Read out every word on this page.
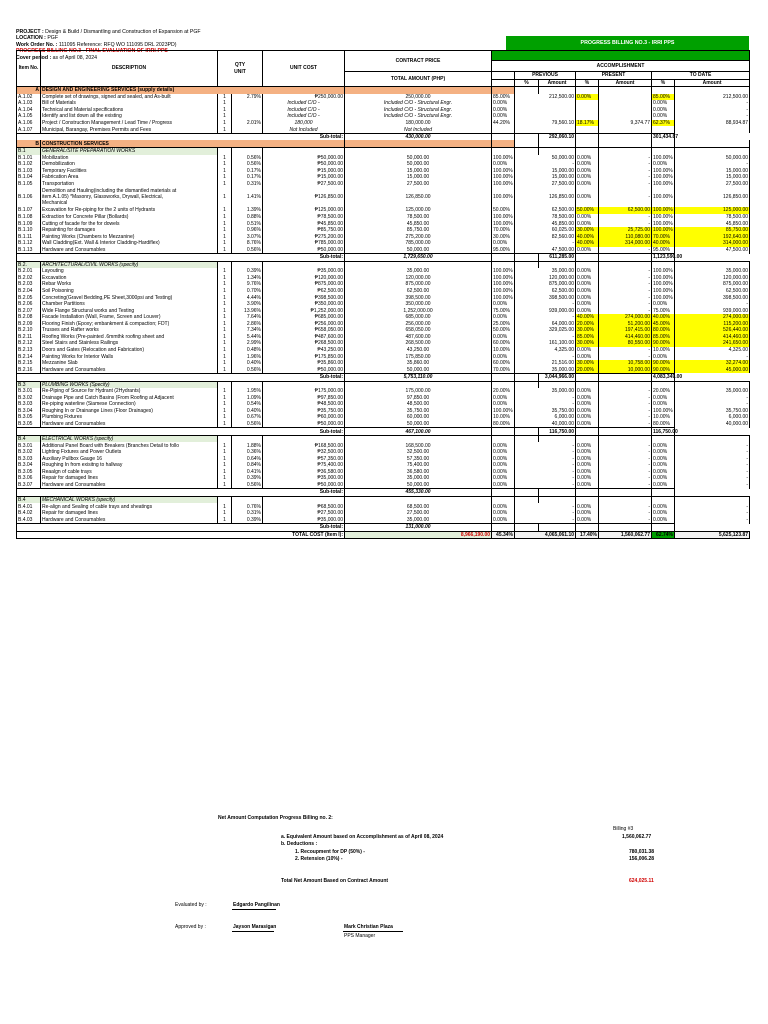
PROJECT : Design & Build / Dismantling and Construction of Expansion at PGF
LOCATION : PGF
Work Order No. : 111095 Reference: RFQ WO 111095 DRL 2023PD)
PROGRESS BILLING NO.3 - FINAL EVALUATION OF IRRI-PPS
Cover period : as of April 08, 2024
PROGRESS BILLING NO.3 - IRRI PPS
Item No.	DESCRIPTION	QTY
UNIT		UNIT COST	CONTRACT PRICE							
						ACCOMPLISHMENT						
					TOTAL AMOUNT (PHP)		PREVIOUS		PRESENT		TO DATE	
							%	Amount	%	Amount	%	Amount
A	DESIGN AND ENGINEERING SERVICES (supply details)											
A.1.02	Complete set of drawings, signed and sealed, and As-built	1	2.79%	₱250,000.00	250,000.00	85.00%	212,500.00		0.00%		85.00%	212,500.00
A.1.03	Bill of Materials	1		Included C/O -	Included C/O - Structural Engr.	0.00%					0.00%	-
A.1.04	Technical and Material specifications	1		Included C/O -	Included C/O - Structural Engr.	0.00%					0.00%	-
A.1.05	Identify and list down all the existing	1		Included C/O -	Included C/O - Structural Engr.	0.00%					0.00%	-
A.1.06	Project / Construction Management / Lead Time / Progress	1	2.01%	180,000	180,000.00	44.20%	79,560.10		18.17%	9,374.77	62.37%	88,934.87
A.1.07	Municipal, Barangay, Premises Permits and Fees	1		Not Included	Not Included							
Sub-total:					430,000.00			292,060.10			301,434.87	
B	CONSTRUCTION SERVICES											
B.1	GENERAL/SITE PREPARATION WORKS											
B.1.01	Mobilization	1	0.56%	₱50,000.00	50,000.00	100.00%	50,000.00		0.00%	-	100.00%	50,000.00
B.1.02	Demobilization	1	0.56%	₱50,000.00	50,000.00	0.00%	-		0.00%	-	0.00%	-
B.1.03	Temporary Facilities	1	0.17%	₱15,000.00	15,000.00	100.00%	15,000.00		0.00%	-	100.00%	15,000.00
B.1.04	Fabrication Area	1	0.17%	₱15,000.00	15,000.00	100.00%	15,000.00		0.00%	-	100.00%	15,000.00
B.1.05	Transportation	1	0.31%	₱27,500.00	27,500.00	100.00%	27,500.00		0.00%	-	100.00%	27,500.00
B.1.06	Demolition and Hauling(including the dismantled materials at
item A.1.05) *Masonry, Glassworks, Drywall, Electrical,
Mechanical	1	1.41%	₱126,850.00	126,850.00	100.00%	126,850.00		0.00%	-	100.00%	126,850.00
B.1.07	Excavation for Re-piping for the 2 units of Hydrants	1	1.39%	₱125,000.00	125,000.00	50.00%	62,500.00		50.00%	62,500.00	100.00%	125,000.00
B.1.08	Extraction for Concrete Pillar (Bollards)	1	0.88%	₱78,500.00	78,500.00	100.00%	78,500.00		0.00%	-	100.00%	78,500.00
B.1.09	Cutting of facade for the for dowels	1	0.51%	₱45,850.00	45,850.00	100.00%	45,850.00		0.00%	-	100.00%	45,850.00
B.1.10	Repainting for damages	1	0.96%	₱85,750.00	85,750.00	70.00%	60,025.00		30.00%	25,725.00	100.00%	85,750.00
B.1.11	Painting Works (Chambers to Mezzanine)	1	3.07%	₱275,200.00	275,200.00	30.00%	82,560.00		40.00%	110,080.00	70.00%	192,640.00
B.1.12	Wall Cladding(Ext. Wall & Interior Cladding-Hardiflex)	1	8.76%	₱785,000.00	785,000.00	0.00%	-		40.00%	314,000.00	40.00%	314,000.00
B.1.13	Hardware and Consumables	1	0.56%	₱50,000.00	50,000.00	95.00%	47,500.00		0.00%	-	95.00%	47,500.00
Sub-total:					1,729,650.00			611,285.00			1,123,590.00	
B.2.	ARCHITECTURAL/CIVIL WORKS (specify)											
B.2.01	Layouting	1	0.39%	₱35,000.00	35,000.00	100.00%	35,000.00		0.00%	-	100.00%	35,000.00
B.2.02	Excavation	1	1.34%	₱120,000.00	120,000.00	100.00%	120,000.00		0.00%	-	100.00%	120,000.00
B.2.03	Rebar Works	1	9.76%	₱875,000.00	875,000.00	100.00%	875,000.00		0.00%	-	100.00%	875,000.00
B.2.04	Soil Poisoning	1	0.70%	₱62,500.00	62,500.00	100.00%	62,500.00		0.00%	-	100.00%	62,500.00
B.2.05	Concreting(Gravel Bedding,PE Sheet,3000psi and Testing)	1	4.44%	₱398,500.00	398,500.00	100.00%	398,500.00		0.00%	-	100.00%	398,500.00
B.2.06	Chamber Partitions	1	3.90%	₱350,000.00	350,000.00	0.00%	-		0.00%	-	0.00%	-
B.2.07	Wide Flange Structural works and Testing	1	13.96%	₱1,252,000.00	1,252,000.00	75.00%	939,000.00		0.00%	-	75.00%	939,000.00
B.2.08	Facade Installation (Wall, Frame, Screen and Louver)	1	7.64%	₱685,000.00	685,000.00	0.00%	-		40.00%	274,000.00	40.00%	274,000.00
B.2.09	Flooring Finish (Epoxy; embankment & compaction; FDT)	1	2.86%	₱256,000.00	256,000.00	25.00%	64,000.00		20.00%	51,200.00	45.00%	115,200.00
B.2.10	Trusses and Rafter works	1	7.34%	₱658,050.00	658,050.00	50.00%	329,025.00		30.00%	197,415.00	80.00%	526,440.00
B.2.11	Roofing Works (Pre-painted .6mmthk roofing sheet and	1	5.44%	₱487,600.00	487,600.00	0.00%	-		85.00%	414,460.00	85.00%	414,460.00
B.2.12	Steel Stairs and Stainless Railings	1	2.99%	₱268,500.00	268,500.00	60.00%	161,100.00		30.00%	80,550.00	90.00%	241,650.00
B.2.13	Doors and Gates (Relocation and Fabrication)	1	0.48%	₱43,250.00	43,250.00	10.00%	4,325.00		0.00%	-	10.00%	4,325.00
B.2.14	Painting Works for Interior Walls	1	1.96%	₱175,850.00	175,850.00	0.00%	-		0.00%	-	0.00%	-
B.2.15	Mezzanine Slab	1	0.40%	₱35,860.00	35,860.00	60.00%	21,516.00		30.00%	10,758.00	90.00%	32,274.00
B.2.16	Hardware and Consumables	1	0.56%	₱50,000.00	50,000.00	70.00%	35,000.00		20.00%	10,000.00	90.00%	45,000.00
Sub-total:					5,753,110.00			3,044,966.00			4,083,349.00	
B.3	PLUMBING WORKS (Specify)											
B.3.01	Re-Piping of Source for Hydrant (2Hydrants)	1	1.95%	₱175,000.00	175,000.00	20.00%	35,000.00		0.00%	-	20.00%	35,000.00
B.3.02	Drainage Pipe and Catch Basins (From Roofing at Adjacent	1	1.09%	₱97,850.00	97,850.00	0.00%	-		0.00%	-	0.00%	-
B.3.03	Re-piping waterline (Siamese Connection)	1	0.54%	₱48,500.00	48,500.00	0.00%	-		0.00%	-	0.00%	-
B.3.04	Roughing In or Drainange Lines (Floor Drainages)	1	0.40%	₱35,750.00	35,750.00	100.00%	35,750.00		0.00%	-	100.00%	35,750.00
B.3.05	Plumbing Fixtures	1	0.67%	₱60,000.00	60,000.00	10.00%	6,000.00		0.00%	-	10.00%	6,000.00
B.3.05	Hardware and Consumables	1	0.56%	₱50,000.00	50,000.00	80.00%	40,000.00		0.00%	-	80.00%	40,000.00
Sub-total:					467,100.00			116,750.00			116,750.00	
B.4	ELECTRICAL WORKS (specify)											
B.3.01	Additional Panel Board with Breakers (Branches Detail to follo	1	1.88%	₱168,500.00	168,500.00	0.00%	-		0.00%	-	0.00%	-
B.3.02	Lighting Fixtures and Power Outlets	1	0.36%	₱32,500.00	32,500.00	0.00%	-		0.00%	-	0.00%	-
B.3.03	Auxiliary Pullbox Gauge 16	1	0.64%	₱57,350.00	57,350.00	0.00%	-		0.00%	-	0.00%	-
B.3.04	Roughing In from exisitng to hallway	1	0.84%	₱75,400.00	75,400.00	0.00%	-		0.00%	-	0.00%	-
B.3.05	Reaalgn of cable trays	1	0.41%	₱36,580.00	36,580.00	0.00%	-		0.00%	-	0.00%	-
B.3.06	Repair for damaged lines	1	0.39%	₱35,000.00	35,000.00	0.00%	-		0.00%	-	0.00%	-
B.3.07	Hardware and Consumables	1	0.56%	₱50,000.00	50,000.00	0.00%	-		0.00%	-	0.00%	-
Sub-total:					455,330.00							
B.4	MECHANICAL WORKS (specify)											
B.4.01	Re-align and Sealing of cable trays and sheatings	1	0.76%	₱68,500.00	68,500.00	0.00%	-		0.00%	-	0.00%	-
B.4.02	Repair for damaged lines	1	0.31%	₱27,500.00	27,500.00	0.00%	-		0.00%	-	0.00%	-
B.4.03	Hardware and Consumables	1	0.39%	₱35,000.00	35,000.00	0.00%	-		0.00%	-	0.00%	-
Sub-total:					131,000.00							
TOTAL COST (Item I):					8,966,190.00	45.34%	4,065,061.10		17.40%	1,560,062.77	62.74%	5,625,123.87
Net Amount Computation Progress Billing no. 2:
Billing #3
a. Equivalent Amount based on Accomplishment as of April 08, 2024	1,560,062.77
b. Deductions :
1. Recoupment for DP (50%) -	780,031.38
2. Retension (10%) -	156,006.28
Total Net Amount Based on Contract Amount	624,025.11
Evaluated by :	Edgardo Pangilinan
Approved by :	Jayson Marasigan	Mark Christian Plaza
PPS Manager
